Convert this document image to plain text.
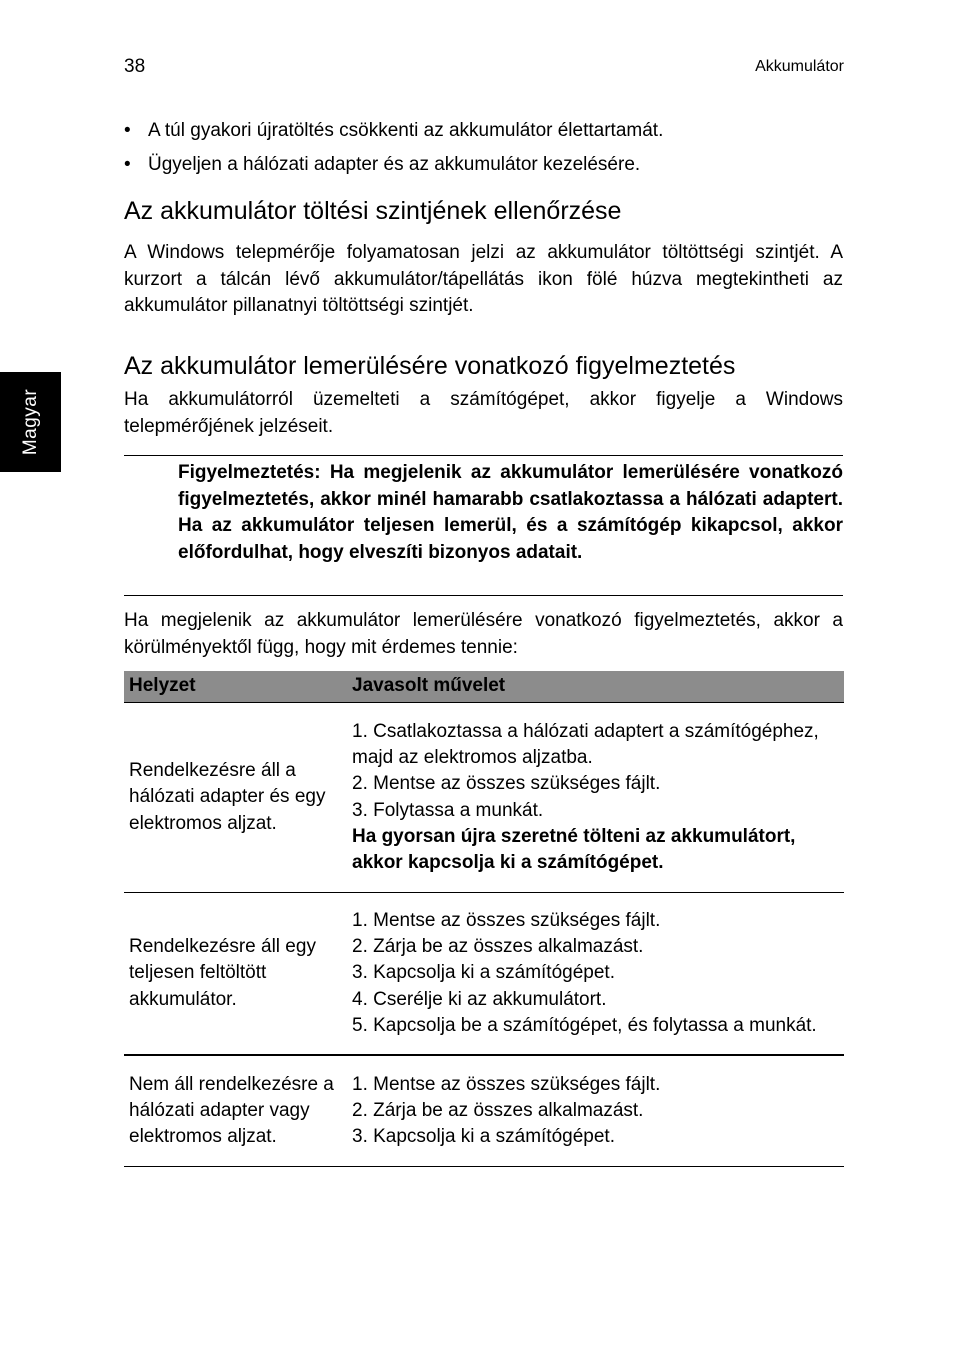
38	Akkumulátor
Magyar
• A túl gyakori újratöltés csökkenti az akkumulátor élettartamát.
• Ügyeljen a hálózati adapter és az akkumulátor kezelésére.
Az akkumulátor töltési szintjének ellenőrzése

A Windows telepmérője folyamatosan jelzi az akkumulátor töltöttségi szintjét. A kurzort a tálcán lévő akkumulátor/tápellátás ikon fölé húzva megtekintheti az akkumulátor pillanatnyi töltöttségi szintjét.

Az akkumulátor lemerülésére vonatkozó figyelmeztetés

Ha akkumulátorról üzemelteti a számítógépet, akkor figyelje a Windows telepmérőjének jelzéseit.

Figyelmeztetés: Ha megjelenik az akkumulátor lemerülésére vonatkozó figyelmeztetés, akkor minél hamarabb csatlakoztassa a hálózati adaptert. Ha az akkumulátor teljesen lemerül, és a számítógép kikapcsol, akkor előfordulhat, hogy elveszíti bizonyos adatait.

Ha megjelenik az akkumulátor lemerülésére vonatkozó figyelmeztetés, akkor a körülményektől függ, hogy mit érdemes tennie:

Helyzet	Javasolt művelet
Rendelkezésre áll a hálózati adapter és egy elektromos aljzat.	1. Csatlakoztassa a hálózati adaptert a számítógéphez, majd az elektromos aljzatba.
2. Mentse az összes szükséges fájlt.
3. Folytassa a munkát.
Ha gyorsan újra szeretné tölteni az akkumulátort, akkor kapcsolja ki a számítógépet.

Rendelkezésre áll egy teljesen feltöltött akkumulátor.	1. Mentse az összes szükséges fájlt.
2. Zárja be az összes alkalmazást.
3. Kapcsolja ki a számítógépet.
4. Cserélje ki az akkumulátort.
5. Kapcsolja be a számítógépet, és folytassa a munkát.

Nem áll rendelkezésre a hálózati adapter vagy elektromos aljzat.	1. Mentse az összes szükséges fájlt.
2. Zárja be az összes alkalmazást.
3. Kapcsolja ki a számítógépet.
